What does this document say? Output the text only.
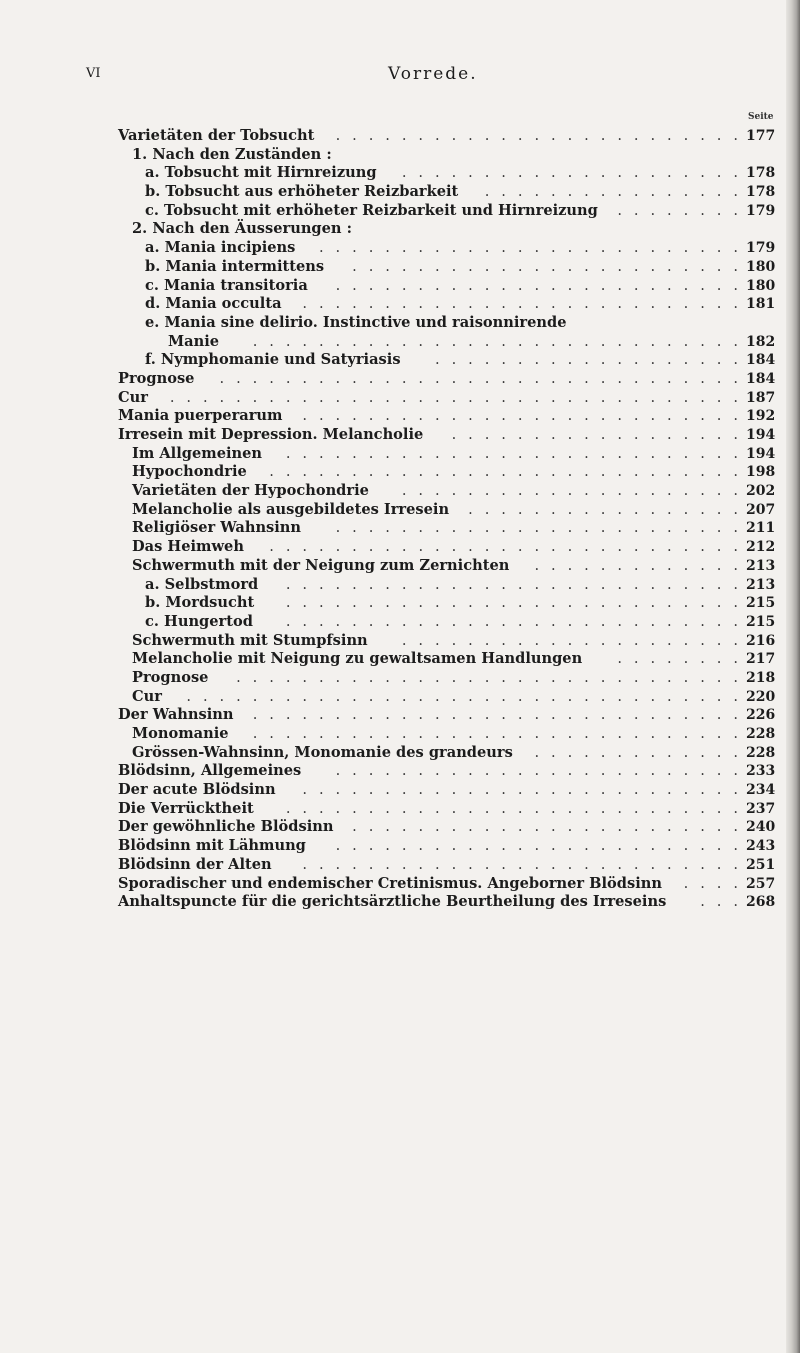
VI	Vorrede.
Seite
Varietäten der Tobsucht	177
.  .  .  .  .  .  .  .  .  .  .  .  .  .  .  .  .  .  .  .  .  .  .  .  .
1. Nach den Zuständen :
a. Tobsucht mit Hirnreizung	178
.  .  .  .  .  .  .  .  .  .  .  .  .  .  .  .  .  .  .  .  .
b. Tobsucht aus erhöheter Reizbarkeit	178
.  .  .  .  .  .  .  .  .  .  .  .  .  .  .  .
c. Tobsucht mit erhöheter Reizbarkeit und Hirnreizung	179
.  .  .  .  .  .  .  .
2. Nach den Äusserungen :
a. Mania incipiens	179
.  .  .  .  .  .  .  .  .  .  .  .  .  .  .  .  .  .  .  .  .  .  .  .  .  .
b. Mania intermittens	180
.  .  .  .  .  .  .  .  .  .  .  .  .  .  .  .  .  .  .  .  .  .  .  .
c. Mania transitoria	180
.  .  .  .  .  .  .  .  .  .  .  .  .  .  .  .  .  .  .  .  .  .  .  .  .
d. Mania occulta	181
.  .  .  .  .  .  .  .  .  .  .  .  .  .  .  .  .  .  .  .  .  .  .  .  .  .  .
e. Mania sine delirio. Instinctive und raisonnirende
Manie	182
.  .  .  .  .  .  .  .  .  .  .  .  .  .  .  .  .  .  .  .  .  .  .  .  .  .  .  .  .  .
f. Nymphomanie und Satyriasis	184
.  .  .  .  .  .  .  .  .  .  .  .  .  .  .  .  .  .  .
Prognose	184
.  .  .  .  .  .  .  .  .  .  .  .  .  .  .  .  .  .  .  .  .  .  .  .  .  .  .  .  .  .  .  .
Cur	187
.  .  .  .  .  .  .  .  .  .  .  .  .  .  .  .  .  .  .  .  .  .  .  .  .  .  .  .  .  .  .  .  .  .  .
Mania puerperarum	192
.  .  .  .  .  .  .  .  .  .  .  .  .  .  .  .  .  .  .  .  .  .  .  .  .  .  .
Irresein mit Depression. Melancholie	194
.  .  .  .  .  .  .  .  .  .  .  .  .  .  .  .  .  .
Im Allgemeinen	194
.  .  .  .  .  .  .  .  .  .  .  .  .  .  .  .  .  .  .  .  .  .  .  .  .  .  .  .
Hypochondrie	198
.  .  .  .  .  .  .  .  .  .  .  .  .  .  .  .  .  .  .  .  .  .  .  .  .  .  .  .  .
Varietäten der Hypochondrie	202
.  .  .  .  .  .  .  .  .  .  .  .  .  .  .  .  .  .  .  .  .
Melancholie als ausgebildetes Irresein	207
.  .  .  .  .  .  .  .  .  .  .  .  .  .  .  .  .
Religiöser Wahnsinn	211
.  .  .  .  .  .  .  .  .  .  .  .  .  .  .  .  .  .  .  .  .  .  .  .  .
Das Heimweh	212
.  .  .  .  .  .  .  .  .  .  .  .  .  .  .  .  .  .  .  .  .  .  .  .  .  .  .  .  .
Schwermuth mit der Neigung zum Zernichten	213
.  .  .  .  .  .  .  .  .  .  .  .  .
a. Selbstmord	213
.  .  .  .  .  .  .  .  .  .  .  .  .  .  .  .  .  .  .  .  .  .  .  .  .  .  .  .
b. Mordsucht	215
.  .  .  .  .  .  .  .  .  .  .  .  .  .  .  .  .  .  .  .  .  .  .  .  .  .  .  .
c. Hungertod	215
.  .  .  .  .  .  .  .  .  .  .  .  .  .  .  .  .  .  .  .  .  .  .  .  .  .  .  .
Schwermuth mit Stumpfsinn	216
.  .  .  .  .  .  .  .  .  .  .  .  .  .  .  .  .  .  .  .  .
Melancholie mit Neigung zu gewaltsamen Handlungen	217
.  .  .  .  .  .  .  .
Prognose	218
.  .  .  .  .  .  .  .  .  .  .  .  .  .  .  .  .  .  .  .  .  .  .  .  .  .  .  .  .  .  .
Cur	220
.  .  .  .  .  .  .  .  .  .  .  .  .  .  .  .  .  .  .  .  .  .  .  .  .  .  .  .  .  .  .  .  .  .
Der Wahnsinn	226
.  .  .  .  .  .  .  .  .  .  .  .  .  .  .  .  .  .  .  .  .  .  .  .  .  .  .  .  .  .
Monomanie	228
.  .  .  .  .  .  .  .  .  .  .  .  .  .  .  .  .  .  .  .  .  .  .  .  .  .  .  .  .  .
Grössen-Wahnsinn, Monomanie des grandeurs	228
.  .  .  .  .  .  .  .  .  .  .  .  .
Blödsinn, Allgemeines	233
.  .  .  .  .  .  .  .  .  .  .  .  .  .  .  .  .  .  .  .  .  .  .  .  .
Der acute Blödsinn	234
.  .  .  .  .  .  .  .  .  .  .  .  .  .  .  .  .  .  .  .  .  .  .  .  .  .  .
Die Verrücktheit	237
.  .  .  .  .  .  .  .  .  .  .  .  .  .  .  .  .  .  .  .  .  .  .  .  .  .  .  .
Der gewöhnliche Blödsinn	240
.  .  .  .  .  .  .  .  .  .  .  .  .  .  .  .  .  .  .  .  .  .  .  .
Blödsinn mit Lähmung	243
.  .  .  .  .  .  .  .  .  .  .  .  .  .  .  .  .  .  .  .  .  .  .  .  .
Blödsinn der Alten	251
.  .  .  .  .  .  .  .  .  .  .  .  .  .  .  .  .  .  .  .  .  .  .  .  .  .  .
Sporadischer und endemischer Cretinismus. Angeborner Blödsinn	257
.  .  .  .
Anhaltspuncte für die gerichtsärztliche Beurtheilung des Irreseins	268
.  .  .
